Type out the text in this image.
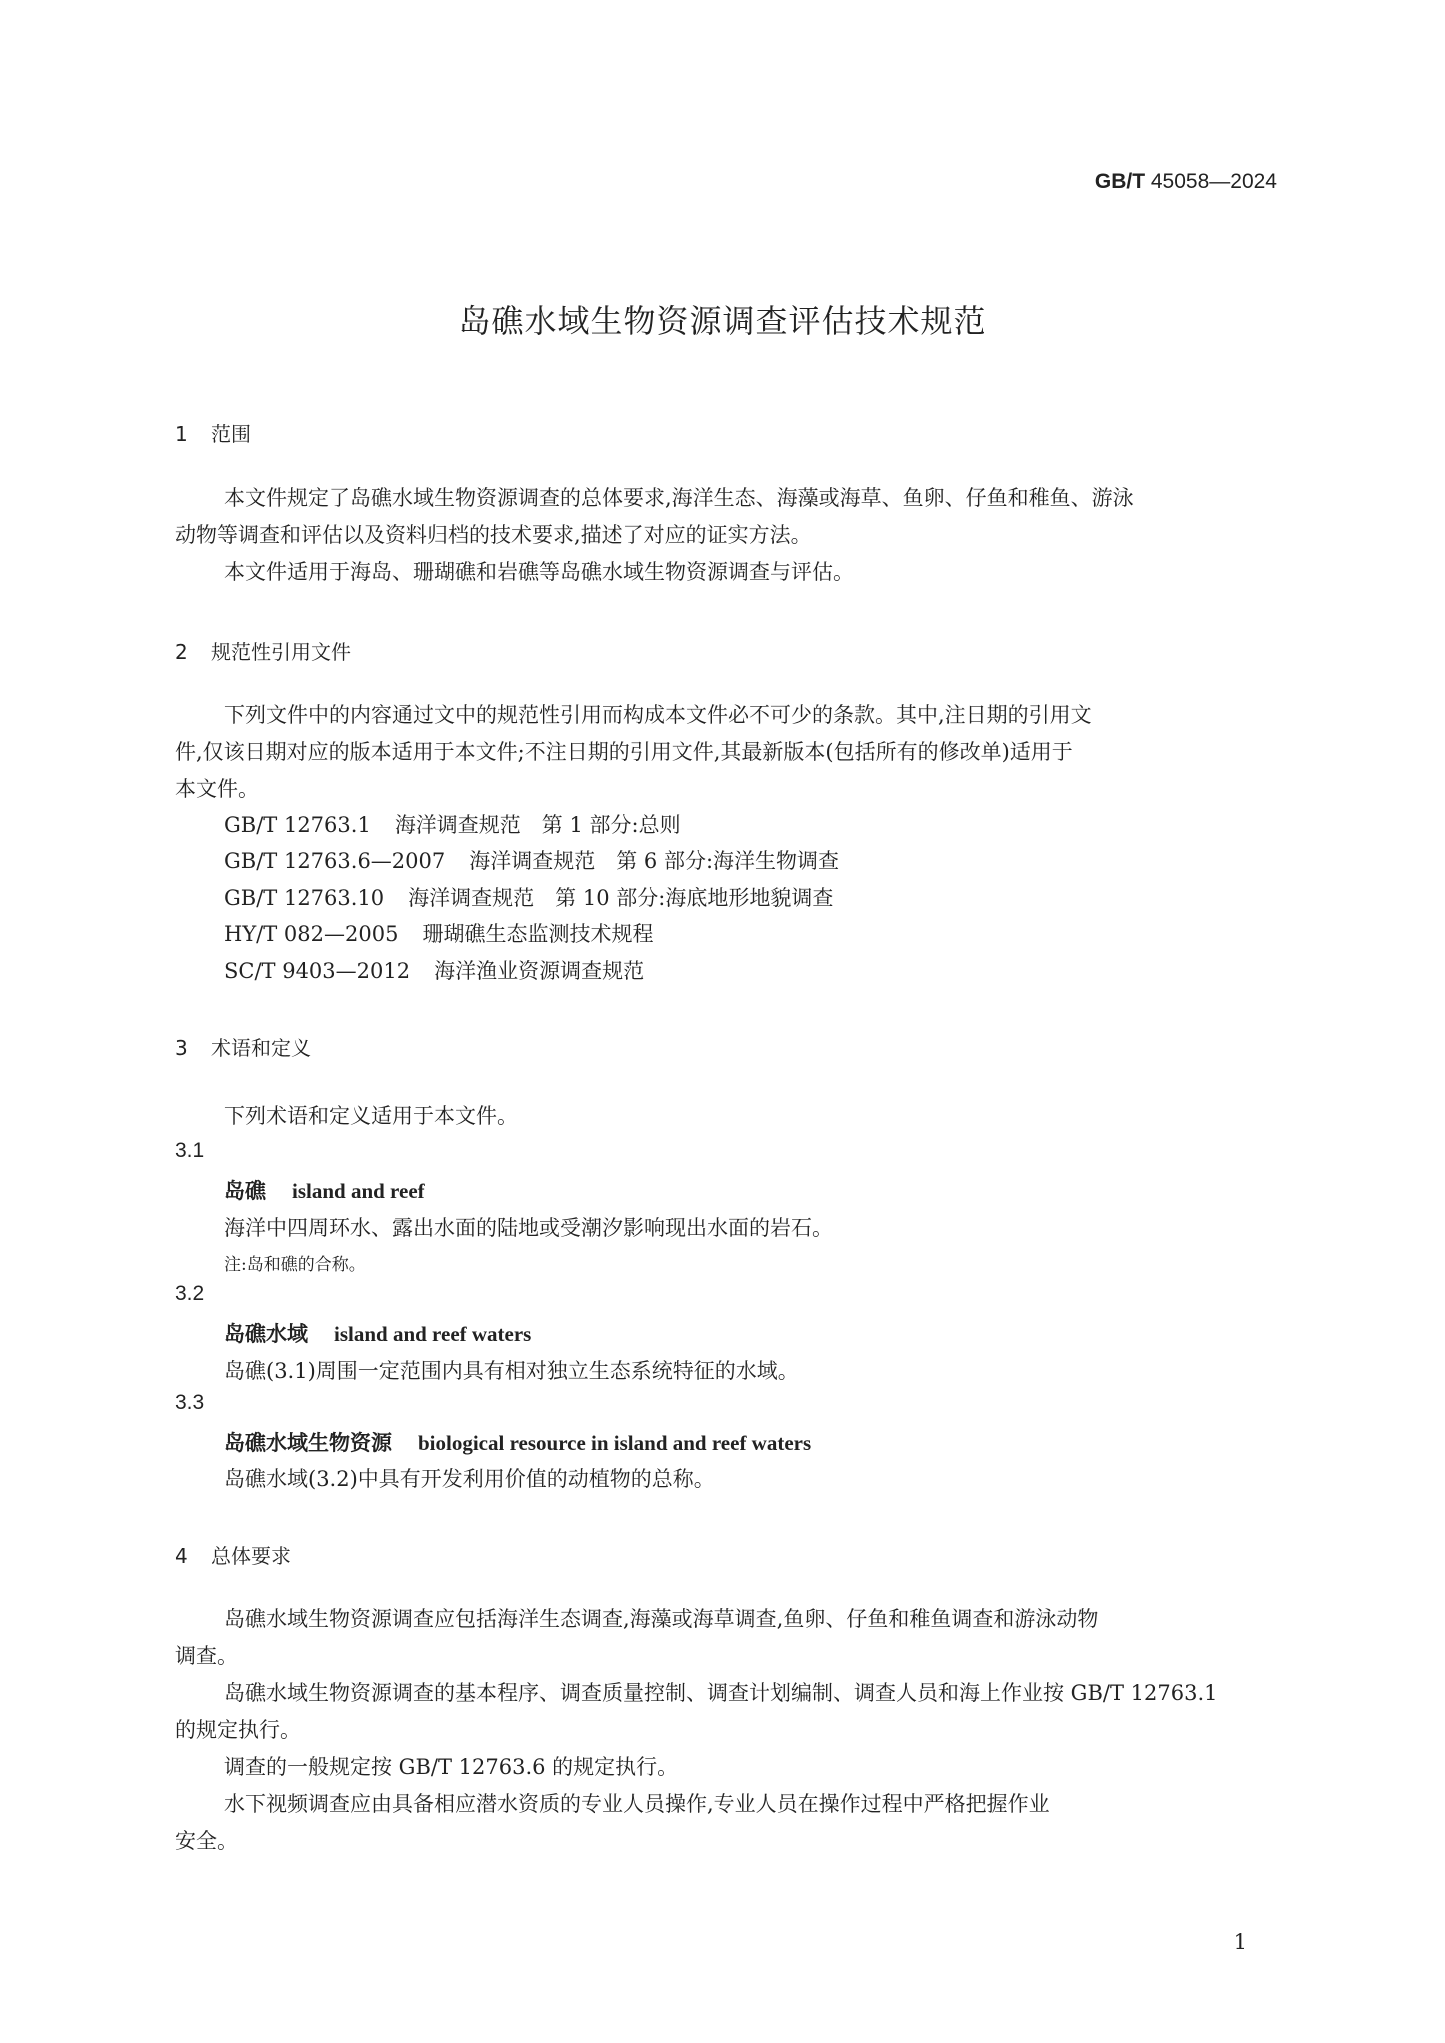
GB/T 45058—2024
岛礁水域生物资源调查评估技术规范
1 范围
本文件规定了岛礁水域生物资源调查的总体要求,海洋生态、海藻或海草、鱼卵、仔鱼和稚鱼、游泳
动物等调查和评估以及资料归档的技术要求,描述了对应的证实方法。
本文件适用于海岛、珊瑚礁和岩礁等岛礁水域生物资源调查与评估。
2 规范性引用文件
下列文件中的内容通过文中的规范性引用而构成本文件必不可少的条款。其中,注日期的引用文
件,仅该日期对应的版本适用于本文件;不注日期的引用文件,其最新版本(包括所有的修改单)适用于
本文件。
GB/T 12763.1 海洋调查规范　第 1 部分:总则
GB/T 12763.6—2007 海洋调查规范　第 6 部分:海洋生物调查
GB/T 12763.10 海洋调查规范　第 10 部分:海底地形地貌调查
HY/T 082—2005 珊瑚礁生态监测技术规程
SC/T 9403—2012 海洋渔业资源调查规范
3 术语和定义
下列术语和定义适用于本文件。
3.1
岛礁 island and reef
海洋中四周环水、露出水面的陆地或受潮汐影响现出水面的岩石。
注:岛和礁的合称。
3.2
岛礁水域 island and reef waters
岛礁(3.1)周围一定范围内具有相对独立生态系统特征的水域。
3.3
岛礁水域生物资源 biological resource in island and reef waters
岛礁水域(3.2)中具有开发利用价值的动植物的总称。
4 总体要求
岛礁水域生物资源调查应包括海洋生态调查,海藻或海草调查,鱼卵、仔鱼和稚鱼调查和游泳动物
调查。
岛礁水域生物资源调查的基本程序、调查质量控制、调查计划编制、调查人员和海上作业按 GB/T 12763.1
的规定执行。
调查的一般规定按 GB/T 12763.6 的规定执行。
水下视频调查应由具备相应潜水资质的专业人员操作,专业人员在操作过程中严格把握作业
安全。
1
